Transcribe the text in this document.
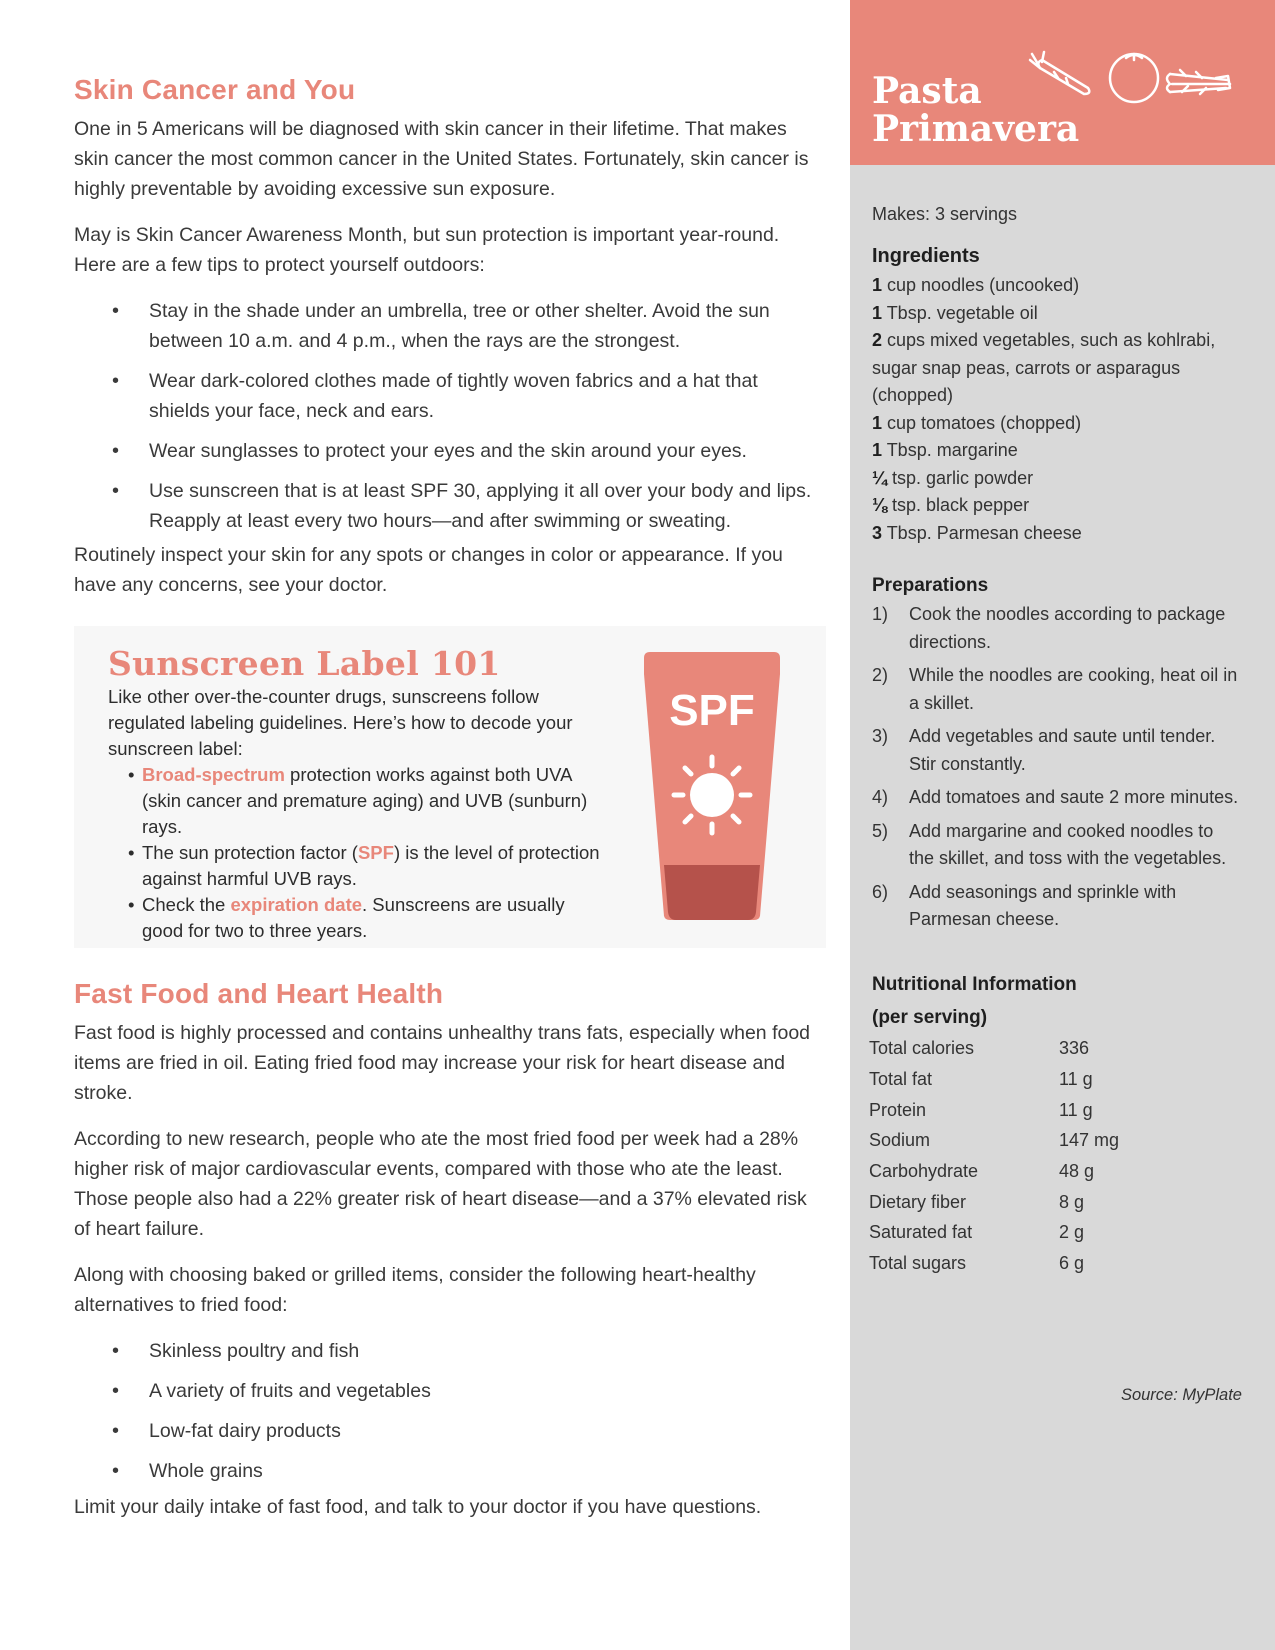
Skin Cancer and You

One in 5 Americans will be diagnosed with skin cancer in their lifetime. That makes skin cancer the most common cancer in the United States. Fortunately, skin cancer is highly preventable by avoiding excessive sun exposure.

May is Skin Cancer Awareness Month, but sun protection is important year-round. Here are a few tips to protect yourself outdoors:

• Stay in the shade under an umbrella, tree or other shelter. Avoid the sun between 10 a.m. and 4 p.m., when the rays are the strongest.
• Wear dark-colored clothes made of tightly woven fabrics and a hat that shields your face, neck and ears.
• Wear sunglasses to protect your eyes and the skin around your eyes.
• Use sunscreen that is at least SPF 30, applying it all over your body and lips. Reapply at least every two hours—and after swimming or sweating.

Routinely inspect your skin for any spots or changes in color or appearance. If you have any concerns, see your doctor.

Sunscreen Label 101

Like other over-the-counter drugs, sunscreens follow regulated labeling guidelines. Here’s how to decode your sunscreen label:

• Broad-spectrum protection works against both UVA (skin cancer and premature aging) and UVB (sunburn) rays.
• The sun protection factor (SPF) is the level of protection against harmful UVB rays.
• Check the expiration date. Sunscreens are usually good for two to three years.
SPF
Fast Food and Heart Health

Fast food is highly processed and contains unhealthy trans fats, especially when food items are fried in oil. Eating fried food may increase your risk for heart disease and stroke.

According to new research, people who ate the most fried food per week had a 28% higher risk of major cardiovascular events, compared with those who ate the least. Those people also had a 22% greater risk of heart disease—and a 37% elevated risk of heart failure.

Along with choosing baked or grilled items, consider the following heart-healthy alternatives to fried food:

• Skinless poultry and fish
• A variety of fruits and vegetables
• Low-fat dairy products
• Whole grains

Limit your daily intake of fast food, and talk to your doctor if you have questions.

Pasta
Primavera

Makes: 3 servings

Ingredients
1 cup noodles (uncooked)
1 Tbsp. vegetable oil
2 cups mixed vegetables, such as kohlrabi, sugar snap peas, carrots or asparagus (chopped)
1 cup tomatoes (chopped)
1 Tbsp. margarine
¼ tsp. garlic powder
⅛ tsp. black pepper
3 Tbsp. Parmesan cheese
Preparations
1) Cook the noodles according to package directions.
2) While the noodles are cooking, heat oil in a skillet.
3) Add vegetables and saute until tender. Stir constantly.
4) Add tomatoes and saute 2 more minutes.
5) Add margarine and cooked noodles to the skillet, and toss with the vegetables.
6) Add seasonings and sprinkle with Parmesan cheese.
Nutritional Information
(per serving)
Total calories	336
Total fat	11 g
Protein	11 g
Sodium	147 mg
Carbohydrate	48 g
Dietary fiber	8 g
Saturated fat	2 g
Total sugars	6 g
Source: MyPlate
